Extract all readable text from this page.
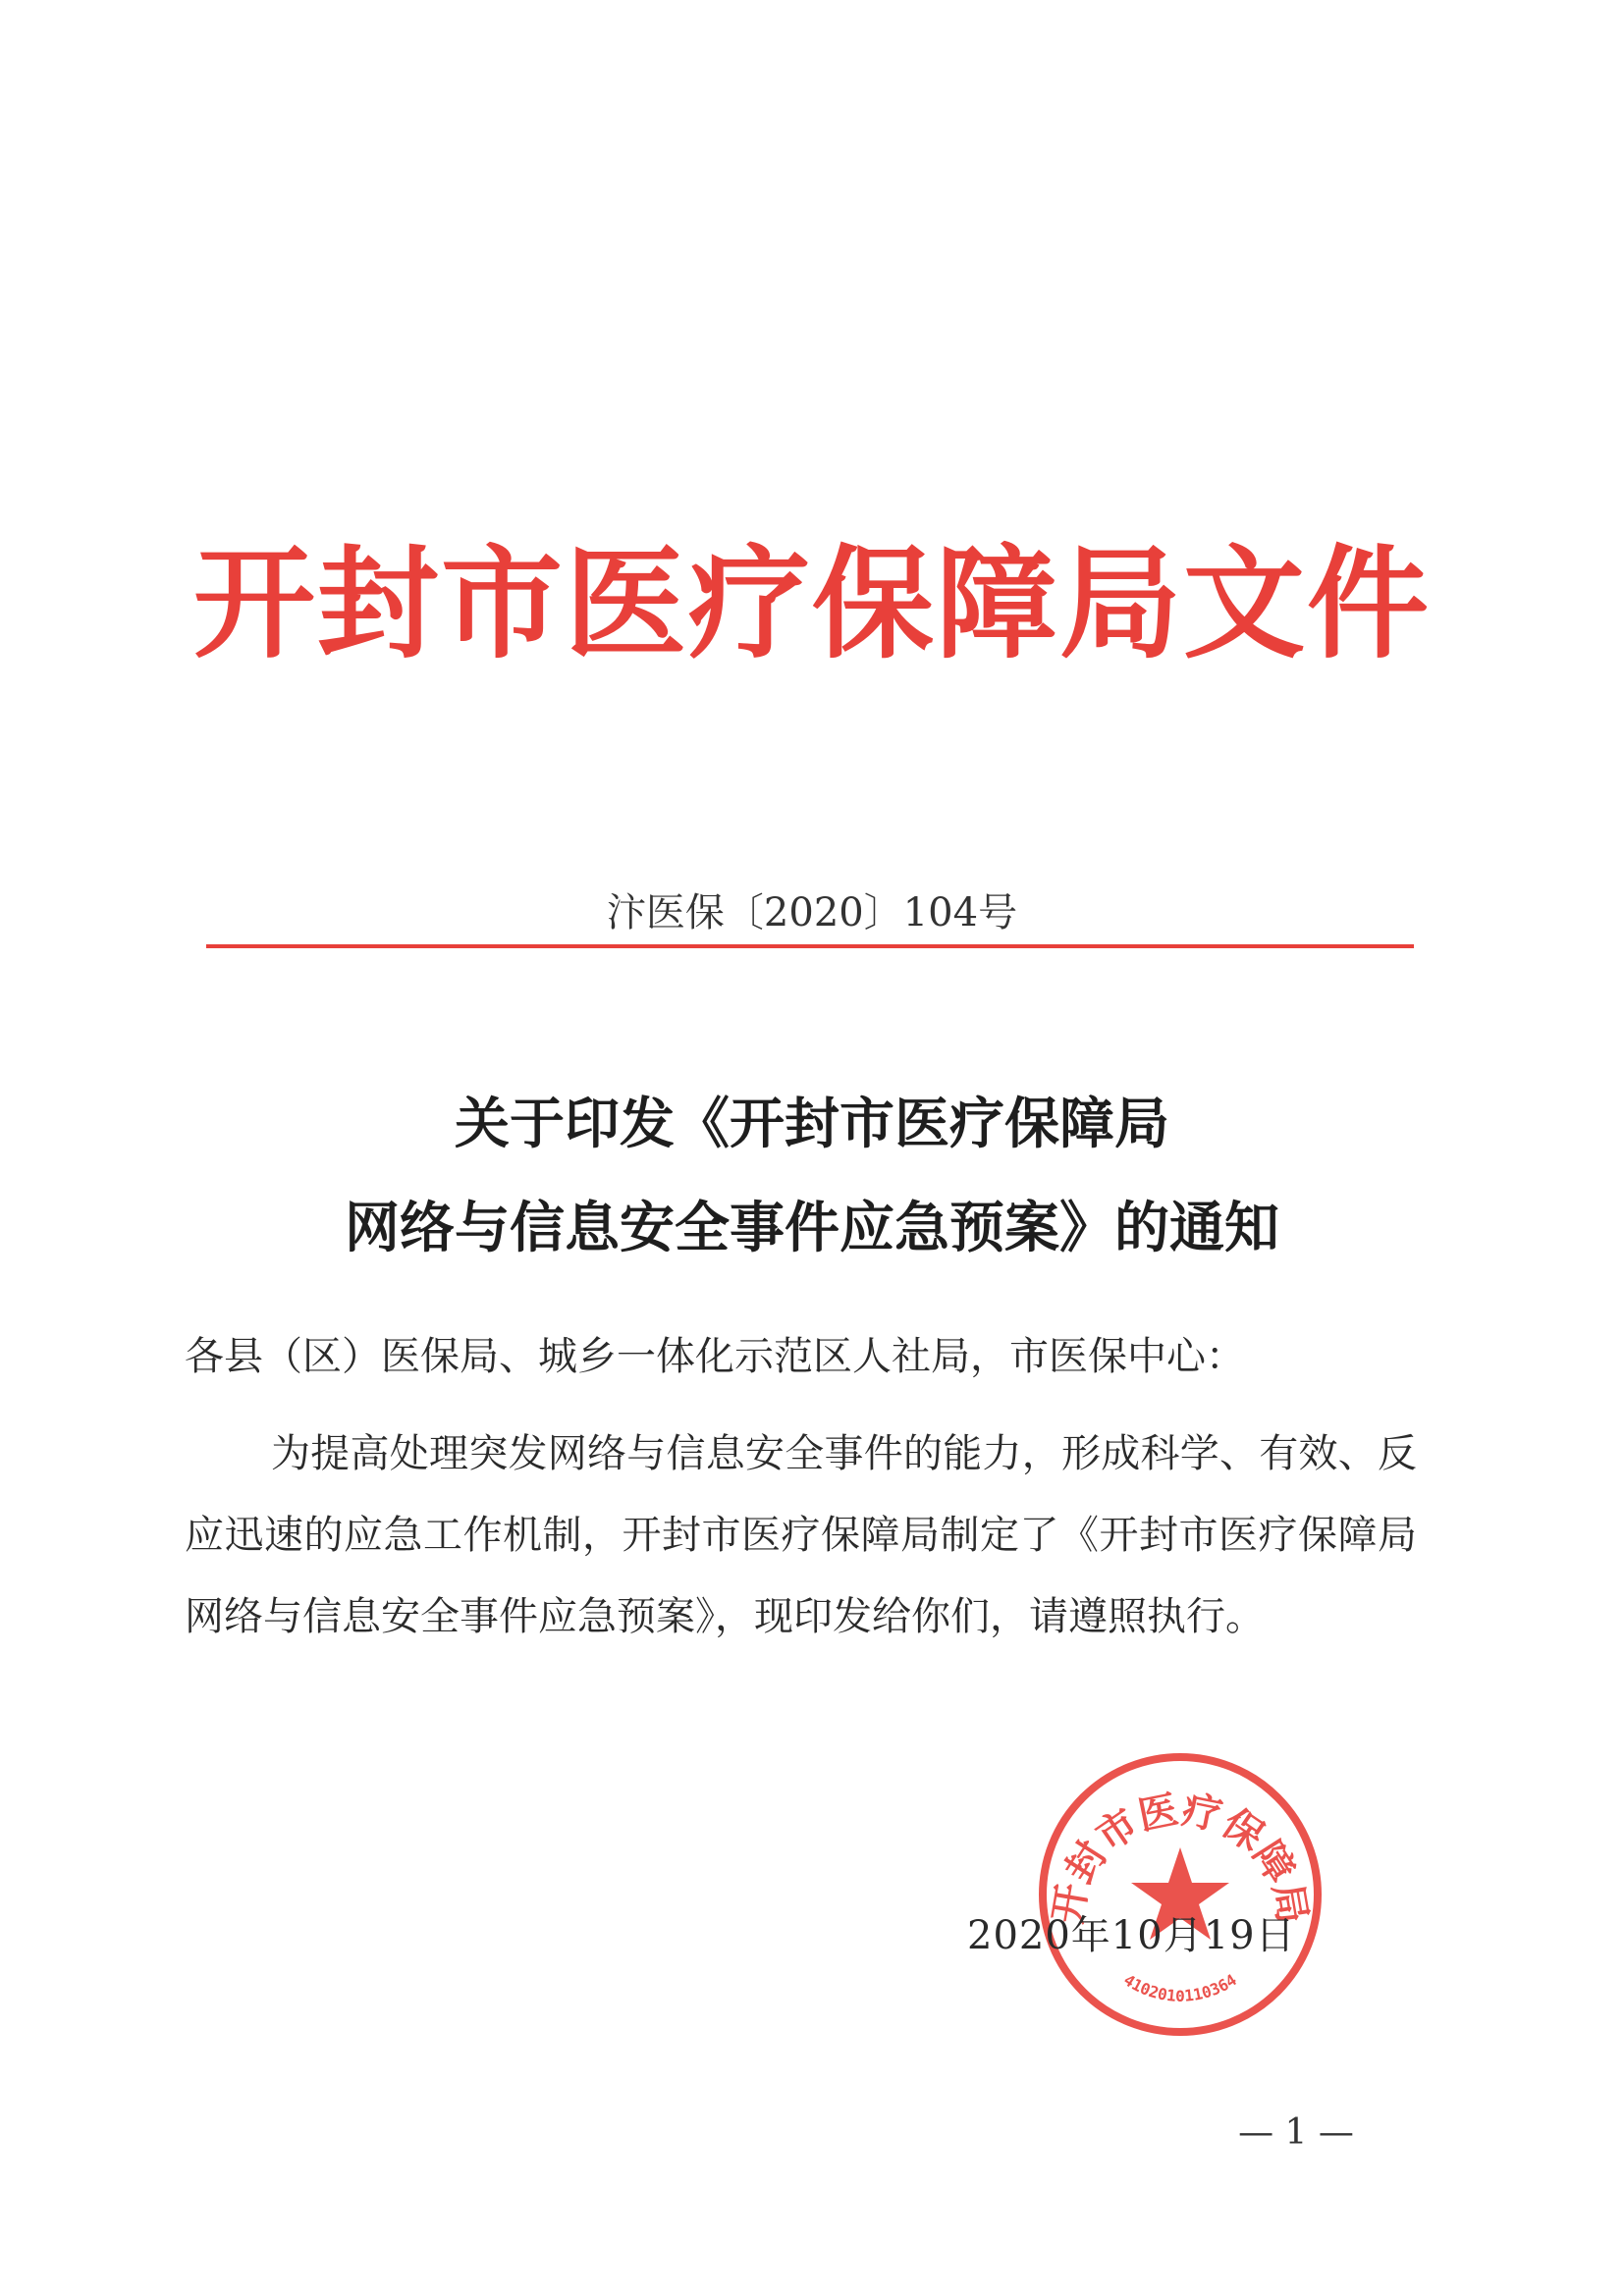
开封市医疗保障局文件
汴医保〔2020〕104号
关于印发《开封市医疗保障局
网络与信息安全事件应急预案》的通知
各县（区）医保局、城乡一体化示范区人社局，市医保中心：
为提高处理突发网络与信息安全事件的能力，形成科学、有效、反应迅速的应急工作机制，开封市医疗保障局制定了《开封市医疗保障局网络与信息安全事件应急预案》，现印发给你们，请遵照执行。
开封市医疗保障局
4102010110364
2020年10月19日
— 1 —
